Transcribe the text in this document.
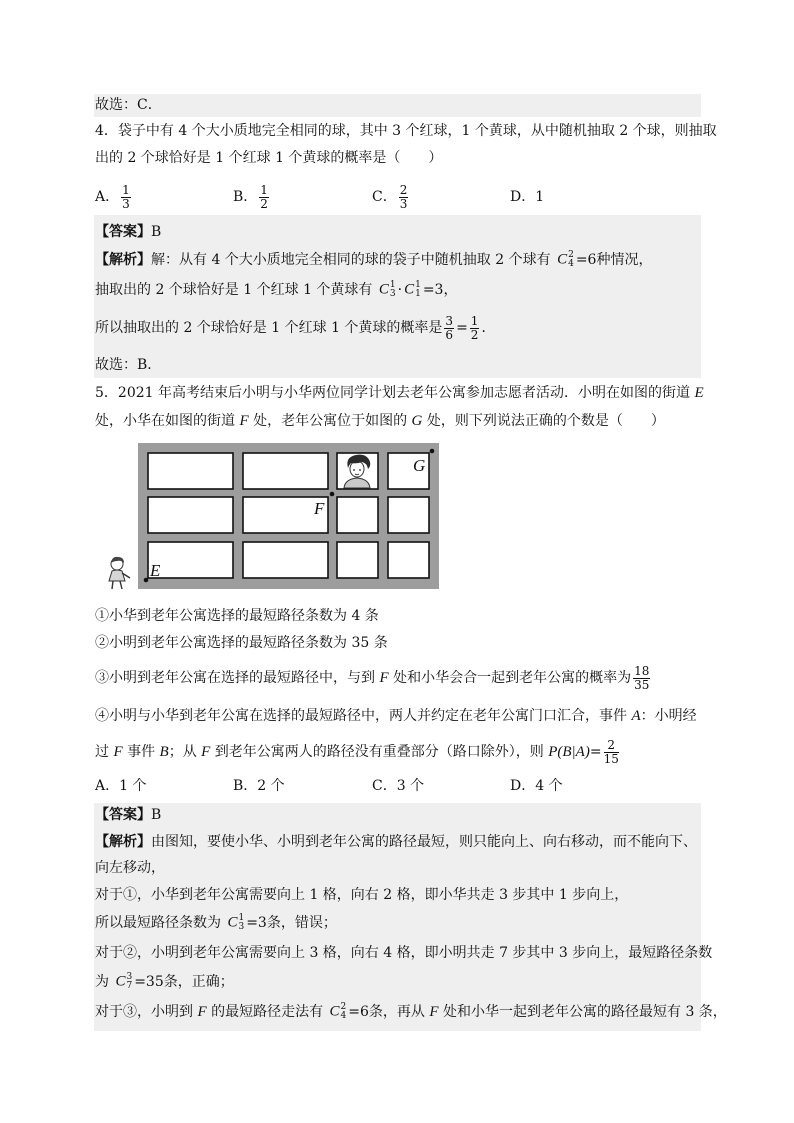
故选：C．
4．袋子中有 4 个大小质地完全相同的球，其中 3 个红球，1 个黄球，从中随机抽取 2 个球，则抽取
出的 2 个球恰好是 1 个红球 1 个黄球的概率是（　　）
A． $\frac{1}{3}$	B． $\frac{1}{2}$	C． $\frac{2}{3}$	D．1
【答案】B
【解析】解：从有 4 个大小质地完全相同的球的袋子中随机抽取 2 个球有 C 2
4 =6种情况，
抽取出的 2 个球恰好是 1 个红球 1 个黄球有 C 1
3 · C 1
1 =3，
所以抽取出的 2 个球恰好是 1 个红球 1 个黄球的概率是 $\frac{3}{6} = \frac{1}{2}$ ．
故选：B．
5．2021 年高考结束后小明与小华两位同学计划去老年公寓参加志愿者活动．小明在如图的街道 E
处，小华在如图的街道 F 处，老年公寓位于如图的 G 处，则下列说法正确的个数是（　　）
G
F
E
①小华到老年公寓选择的最短路径条数为 4 条
②小明到老年公寓选择的最短路径条数为 35 条
③小明到老年公寓在选择的最短路径中，与到 F 处和小华会合一起到老年公寓的概率为 $\frac{18}{35}$
④小明与小华到老年公寓在选择的最短路径中，两人并约定在老年公寓门口汇合，事件 A：小明经
过 F 事件 B；从 F 到老年公寓两人的路径没有重叠部分（路口除外），则 $P(B|A)= \frac{2}{15}$
A．1 个	B．2 个	C．3 个	D．4 个
【答案】B
【解析】由图知，要使小华、小明到老年公寓的路径最短，则只能向上、向右移动，而不能向下、
向左移动，
对于①，小华到老年公寓需要向上 1 格，向右 2 格，即小华共走 3 步其中 1 步向上，
所以最短路径条数为 C 1
3 =3条，错误；
对于②，小明到老年公寓需要向上 3 格，向右 4 格，即小明共走 7 步其中 3 步向上，最短路径条数
为 C 3
7 =35条，正确；
对于③，小明到 F 的最短路径走法有 C 2
4 =6条，再从 F 处和小华一起到老年公寓的路径最短有 3 条，
